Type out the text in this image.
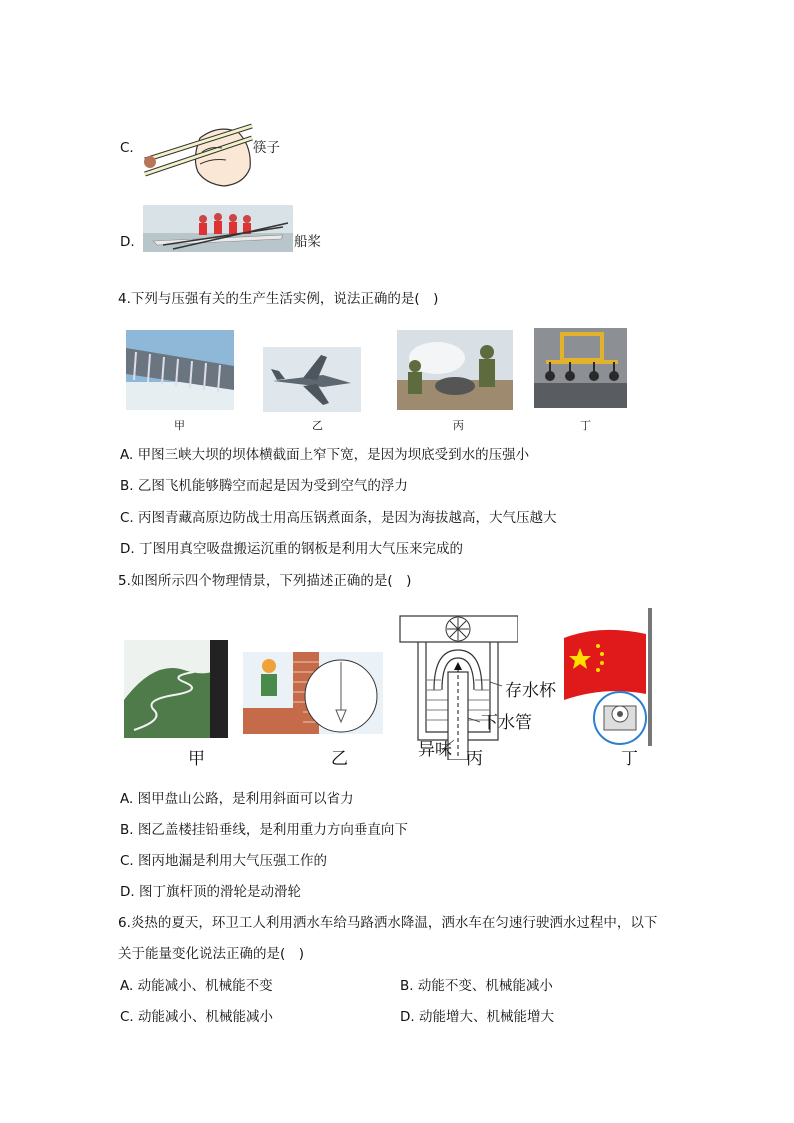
C.	筷子
D.	船桨
4.下列与压强有关的生产生活实例，说法正确的是(　)
甲	乙	丙	丁
A. 甲图三峡大坝的坝体横截面上窄下宽，是因为坝底受到水的压强小
B. 乙图飞机能够腾空而起是因为受到空气的浮力
C. 丙图青藏高原边防战士用高压锅煮面条，是因为海拔越高，大气压越大
D. 丁图用真空吸盘搬运沉重的钢板是利用大气压来完成的
5.如图所示四个物理情景，下列描述正确的是(　)
存水杯
下水管
异味
甲	乙	丙	丁
A. 图甲盘山公路，是利用斜面可以省力
B. 图乙盖楼挂铅垂线，是利用重力方向垂直向下
C. 图丙地漏是利用大气压强工作的
D. 图丁旗杆顶的滑轮是动滑轮
6.炎热的夏天，环卫工人利用洒水车给马路洒水降温，洒水车在匀速行驶洒水过程中，以下
关于能量变化说法正确的是(　)
A. 动能减小、机械能不变	B. 动能不变、机械能减小
C. 动能减小、机械能减小	D. 动能增大、机械能增大
